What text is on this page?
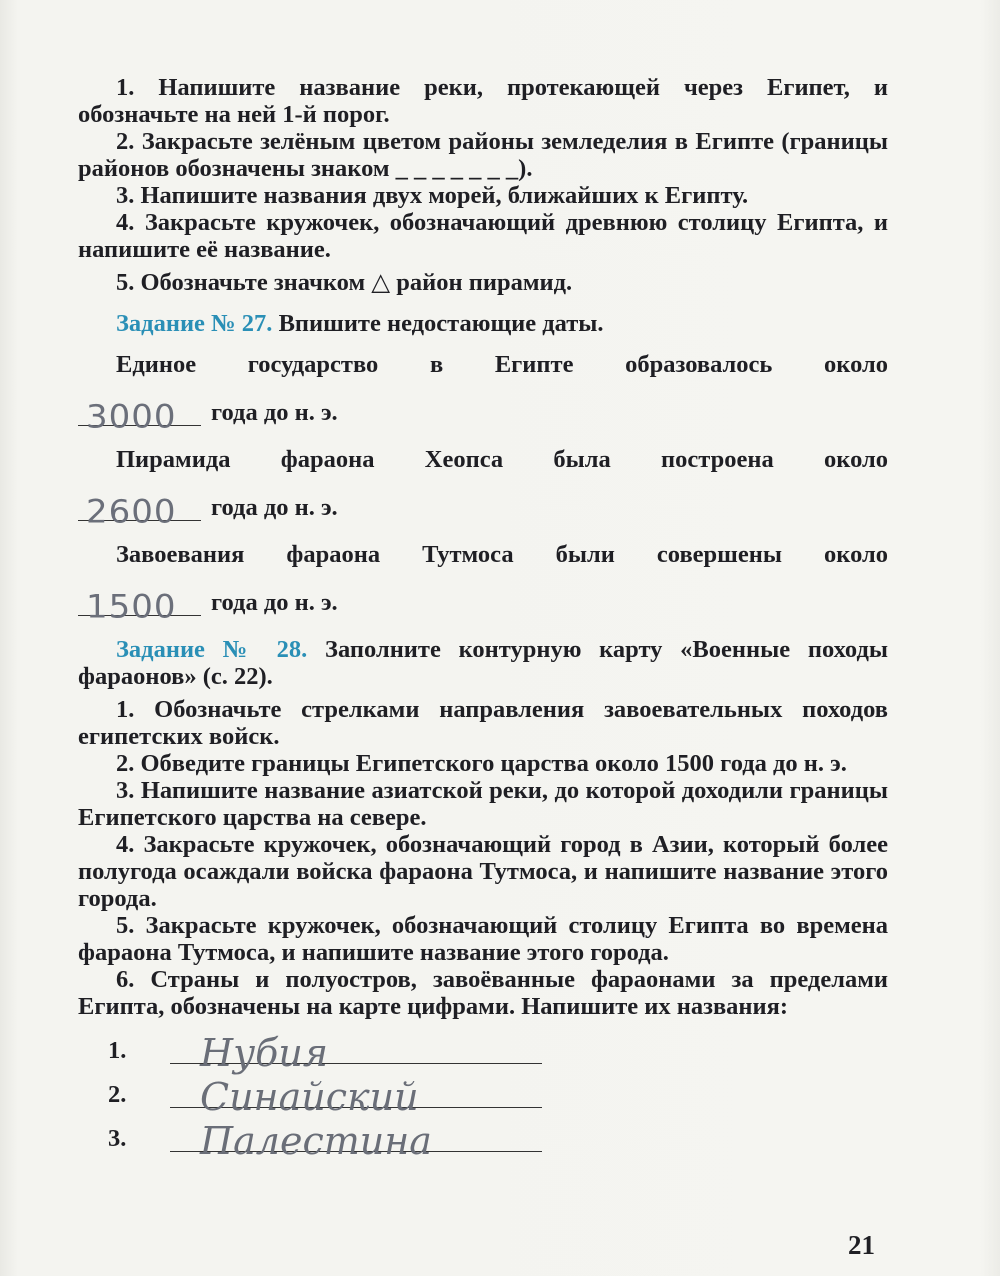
1. Напишите название реки, протекающей через Египет, и обозначьте на ней 1-й порог.

2. Закрасьте зелёным цветом районы земледелия в Египте (границы районов обозначены знаком _ _ _ _ _ _ _).

3. Напишите названия двух морей, ближайших к Египту.

4. Закрасьте кружочек, обозначающий древнюю столицу Египта, и напишите её название.

5. Обозначьте значком △ район пирамид.

Задание № 27. Впишите недостающие даты.

Единое государство в Египте образовалось около
3000 года до н. э.
Пирамида фараона Хеопса была построена около
2600 года до н. э.
Завоевания фараона Тутмоса были совершены около
1500 года до н. э.

Задание № 28. Заполните контурную карту «Военные походы фараонов» (с. 22).

1. Обозначьте стрелками направления завоевательных походов египетских войск.

2. Обведите границы Египетского царства около 1500 года до н. э.

3. Напишите название азиатской реки, до которой доходили границы Египетского царства на севере.

4. Закрасьте кружочек, обозначающий город в Азии, который более полугода осаждали войска фараона Тутмоса, и напишите название этого города.

5. Закрасьте кружочек, обозначающий столицу Египта во времена фараона Тутмоса, и напишите название этого города.

6. Страны и полуостров, завоёванные фараонами за пределами Египта, обозначены на карте цифрами. Напишите их названия:

1.	Нубия
2.	Синайский
3.	Палестина
21
